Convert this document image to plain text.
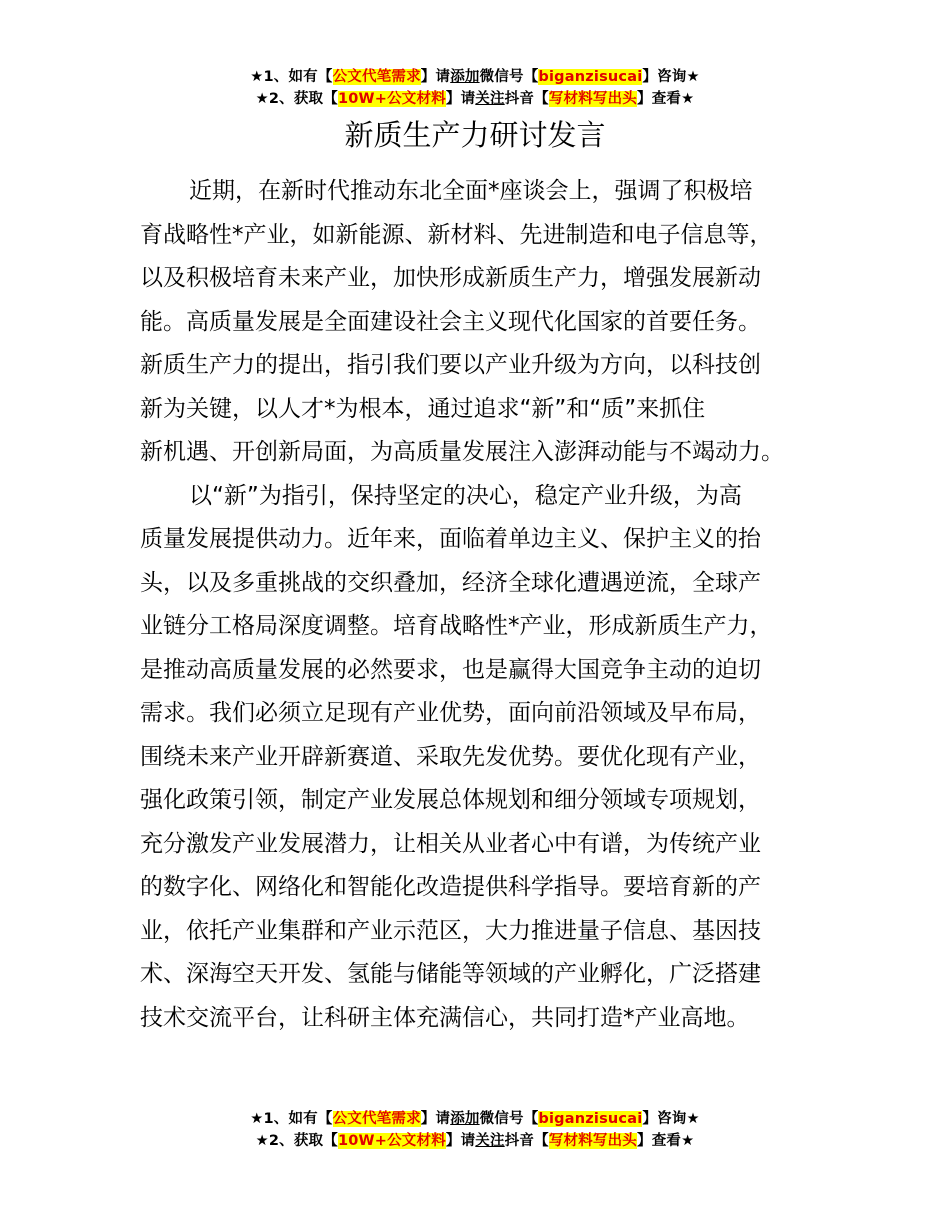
★1、如有【公文代笔需求】请添加微信号【biganzisucai】咨询★
★2、获取【10W+公文材料】请关注抖音【写材料写出头】查看★
新质生产力研讨发言

近期，在新时代推动东北全面*座谈会上，强调了积极培
育战略性*产业，如新能源、新材料、先进制造和电子信息等，
以及积极培育未来产业，加快形成新质生产力，增强发展新动
能。高质量发展是全面建设社会主义现代化国家的首要任务。
新质生产力的提出，指引我们要以产业升级为方向，以科技创
新为关键，以人才*为根本，通过追求“新”和“质”来抓住
新机遇、开创新局面，为高质量发展注入澎湃动能与不竭动力。

以“新”为指引，保持坚定的决心，稳定产业升级，为高
质量发展提供动力。近年来，面临着单边主义、保护主义的抬
头，以及多重挑战的交织叠加，经济全球化遭遇逆流，全球产
业链分工格局深度调整。培育战略性*产业，形成新质生产力，
是推动高质量发展的必然要求，也是赢得大国竞争主动的迫切
需求。我们必须立足现有产业优势，面向前沿领域及早布局，
围绕未来产业开辟新赛道、采取先发优势。要优化现有产业，
强化政策引领，制定产业发展总体规划和细分领域专项规划，
充分激发产业发展潜力，让相关从业者心中有谱，为传统产业
的数字化、网络化和智能化改造提供科学指导。要培育新的产
业，依托产业集群和产业示范区，大力推进量子信息、基因技
术、深海空天开发、氢能与储能等领域的产业孵化，广泛搭建
技术交流平台，让科研主体充满信心，共同打造*产业高地。

★1、如有【公文代笔需求】请添加微信号【biganzisucai】咨询★
★2、获取【10W+公文材料】请关注抖音【写材料写出头】查看★
